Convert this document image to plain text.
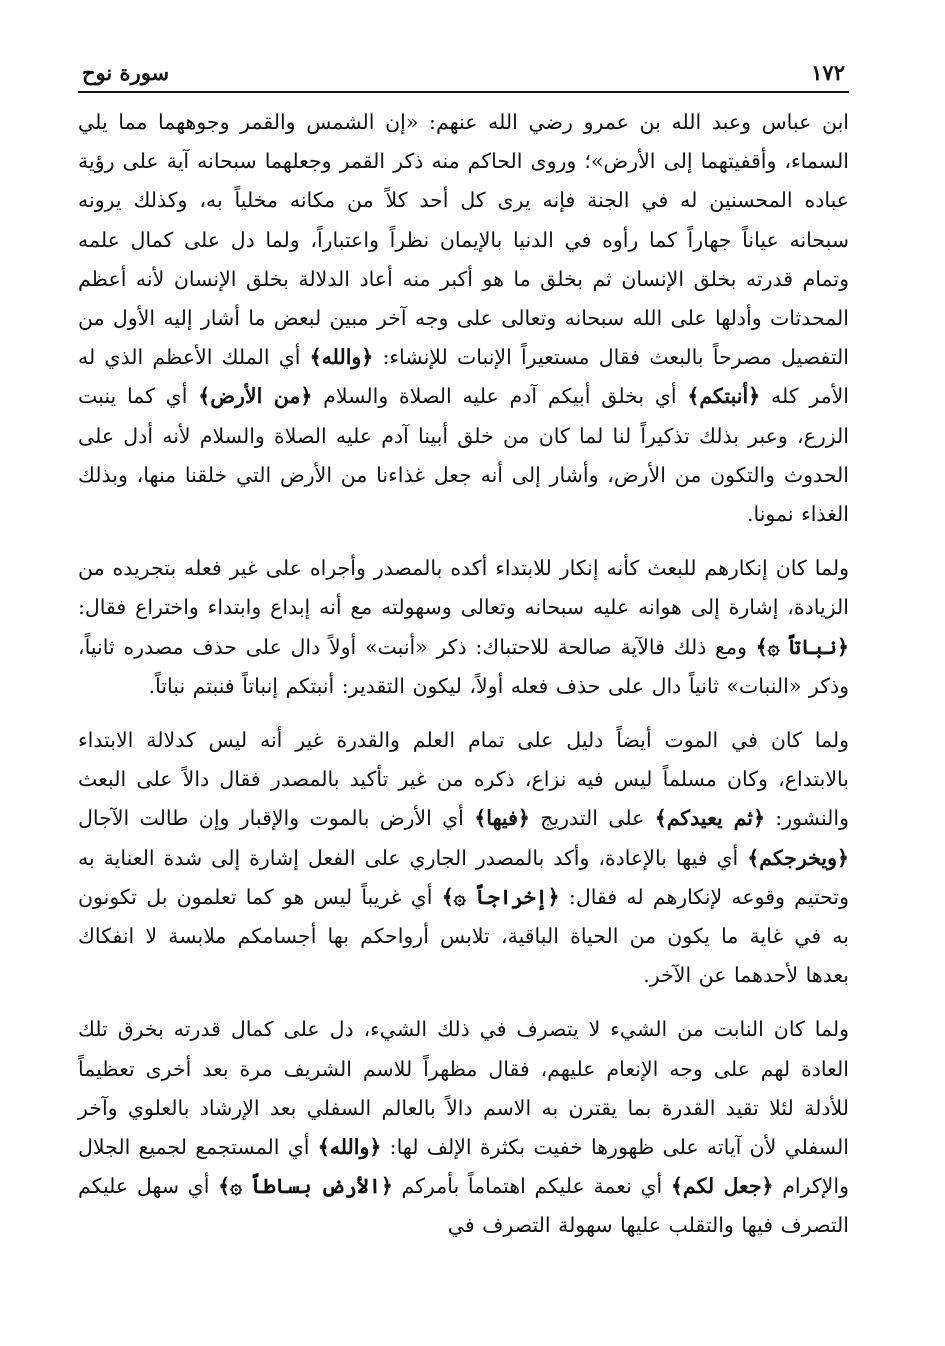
١٧٢
سورة نوح

ابن عباس وعبد الله بن عمرو رضي الله عنهم: «إن الشمس والقمر وجوههما مما يلي السماء، وأقفيتهما إلى الأرض»؛ وروى الحاكم منه ذكر القمر وجعلهما سبحانه آية على رؤية عباده المحسنين له في الجنة فإنه يرى كل أحد كلاً من مكانه مخلياً به، وكذلك يرونه سبحانه عياناً جهاراً كما رأوه في الدنيا بالإيمان نظراً واعتباراً، ولما دل على كمال علمه وتمام قدرته بخلق الإنسان ثم بخلق ما هو أكبر منه أعاد الدلالة بخلق الإنسان لأنه أعظم المحدثات وأدلها على الله سبحانه وتعالى على وجه آخر مبين لبعض ما أشار إليه الأول من التفصيل مصرحاً بالبعث فقال مستعيراً الإنبات للإنشاء: ﴿والله﴾ أي الملك الأعظم الذي له الأمر كله ﴿أنبتكم﴾ أي بخلق أبيكم آدم عليه الصلاة والسلام ﴿من الأرض﴾ أي كما ينبت الزرع، وعبر بذلك تذكيراً لنا لما كان من خلق أبينا آدم عليه الصلاة والسلام لأنه أدل على الحدوث والتكون من الأرض، وأشار إلى أنه جعل غذاءنا من الأرض التي خلقنا منها، وبذلك الغذاء نمونا.

ولما كان إنكارهم للبعث كأنه إنكار للابتداء أكده بالمصدر وأجراه على غير فعله بتجريده من الزيادة، إشارة إلى هوانه عليه سبحانه وتعالى وسهولته مع أنه إبداع وابتداء واختراع فقال: ﴿نباتاً ۞﴾ ومع ذلك فالآية صالحة للاحتباك: ذكر «أنبت» أولاً دال على حذف مصدره ثانياً، وذكر «النبات» ثانياً دال على حذف فعله أولاً، ليكون التقدير: أنبتكم إنباتاً فنبتم نباتاً.

ولما كان في الموت أيضاً دليل على تمام العلم والقدرة غير أنه ليس كدلالة الابتداء بالابتداع، وكان مسلماً ليس فيه نزاع، ذكره من غير تأكيد بالمصدر فقال دالاً على البعث والنشور: ﴿ثم يعيدكم﴾ على التدريج ﴿فيها﴾ أي الأرض بالموت والإقبار وإن طالت الآجال ﴿ويخرجكم﴾ أي فيها بالإعادة، وأكد بالمصدر الجاري على الفعل إشارة إلى شدة العناية به وتحتيم وقوعه لإنكارهم له فقال: ﴿إخراجاً ۞﴾ أي غريباً ليس هو كما تعلمون بل تكونون به في غاية ما يكون من الحياة الباقية، تلابس أرواحكم بها أجسامكم ملابسة لا انفكاك بعدها لأحدهما عن الآخر.

ولما كان النابت من الشيء لا يتصرف في ذلك الشيء، دل على كمال قدرته بخرق تلك العادة لهم على وجه الإنعام عليهم، فقال مظهراً للاسم الشريف مرة بعد أخرى تعظيماً للأدلة لئلا تقيد القدرة بما يقترن به الاسم دالاً بالعالم السفلي بعد الإرشاد بالعلوي وآخر السفلي لأن آياته على ظهورها خفيت بكثرة الإلف لها: ﴿والله﴾ أي المستجمع لجميع الجلال والإكرام ﴿جعل لكم﴾ أي نعمة عليكم اهتماماً بأمركم ﴿الأرض بساطاً ۞﴾ أي سهل عليكم التصرف فيها والتقلب عليها سهولة التصرف في
